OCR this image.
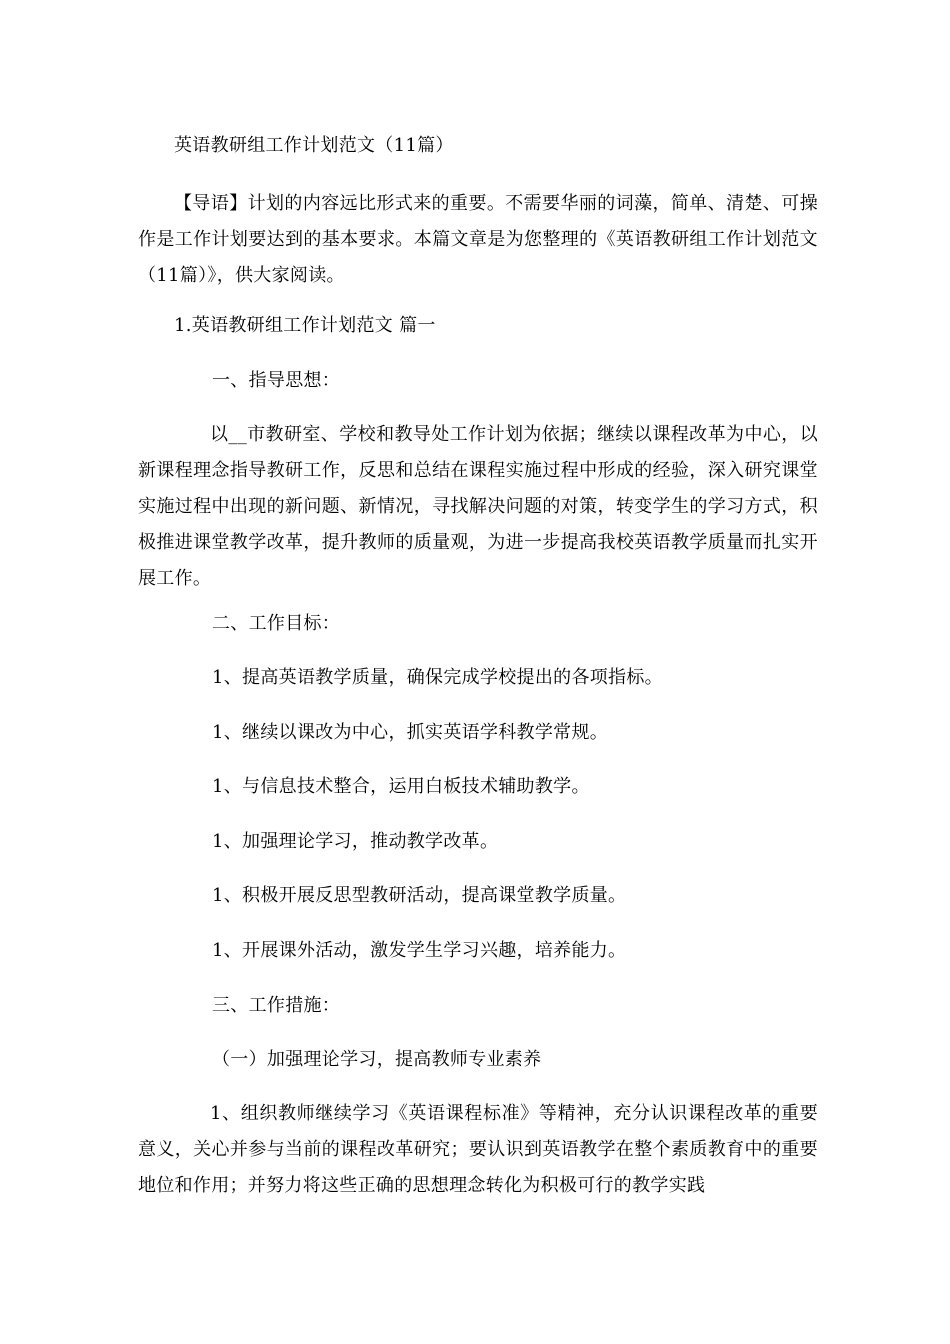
英语教研组工作计划范文（11篇）
【导语】计划的内容远比形式来的重要。不需要华丽的词藻，简单、清楚、可操作是工作计划要达到的基本要求。本篇文章是为您整理的《英语教研组工作计划范文（11篇）》，供大家阅读。
1.英语教研组工作计划范文 篇一
一、指导思想：
以__市教研室、学校和教导处工作计划为依据；继续以课程改革为中心，以新课程理念指导教研工作，反思和总结在课程实施过程中形成的经验，深入研究课堂实施过程中出现的新问题、新情况，寻找解决问题的对策，转变学生的学习方式，积极推进课堂教学改革，提升教师的质量观，为进一步提高我校英语教学质量而扎实开展工作。
二、工作目标：
1、提高英语教学质量，确保完成学校提出的各项指标。
1、继续以课改为中心，抓实英语学科教学常规。
1、与信息技术整合，运用白板技术辅助教学。
1、加强理论学习，推动教学改革。
1、积极开展反思型教研活动，提高课堂教学质量。
1、开展课外活动，激发学生学习兴趣，培养能力。
三、工作措施：
（一）加强理论学习，提高教师专业素养
1、组织教师继续学习《英语课程标准》等精神，充分认识课程改革的重要意义，关心并参与当前的课程改革研究；要认识到英语教学在整个素质教育中的重要地位和作用；并努力将这些正确的思想理念转化为积极可行的教学实践
